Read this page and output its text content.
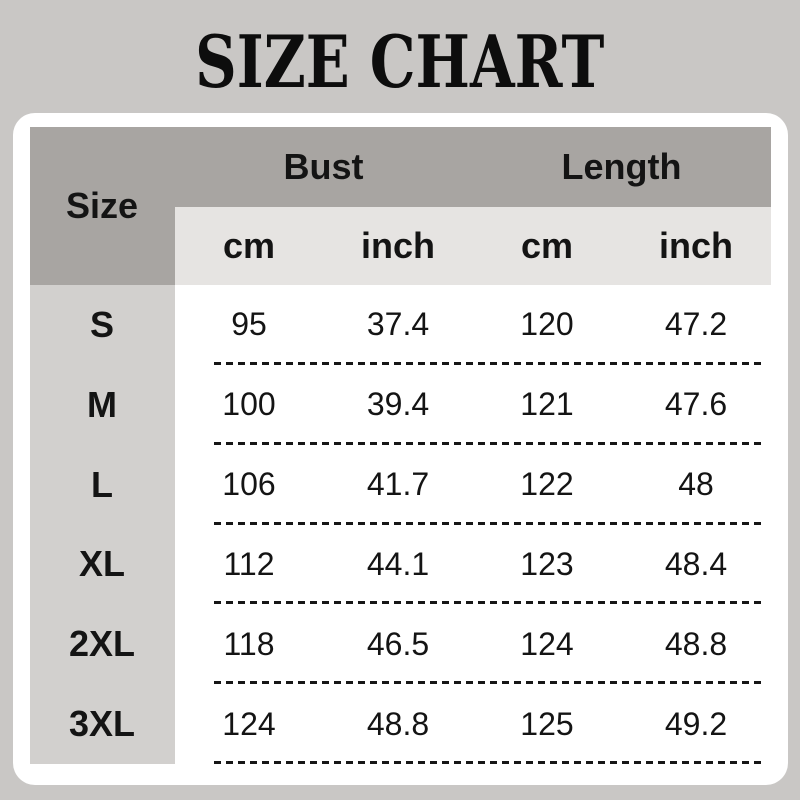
SIZE CHART
Size
Bust	Length
cm	inch	cm	inch
S	95	37.4	120	47.2
M	100	39.4	121	47.6
L	106	41.7	122	48
XL	112	44.1	123	48.4
2XL	118	46.5	124	48.8
3XL	124	48.8	125	49.2
